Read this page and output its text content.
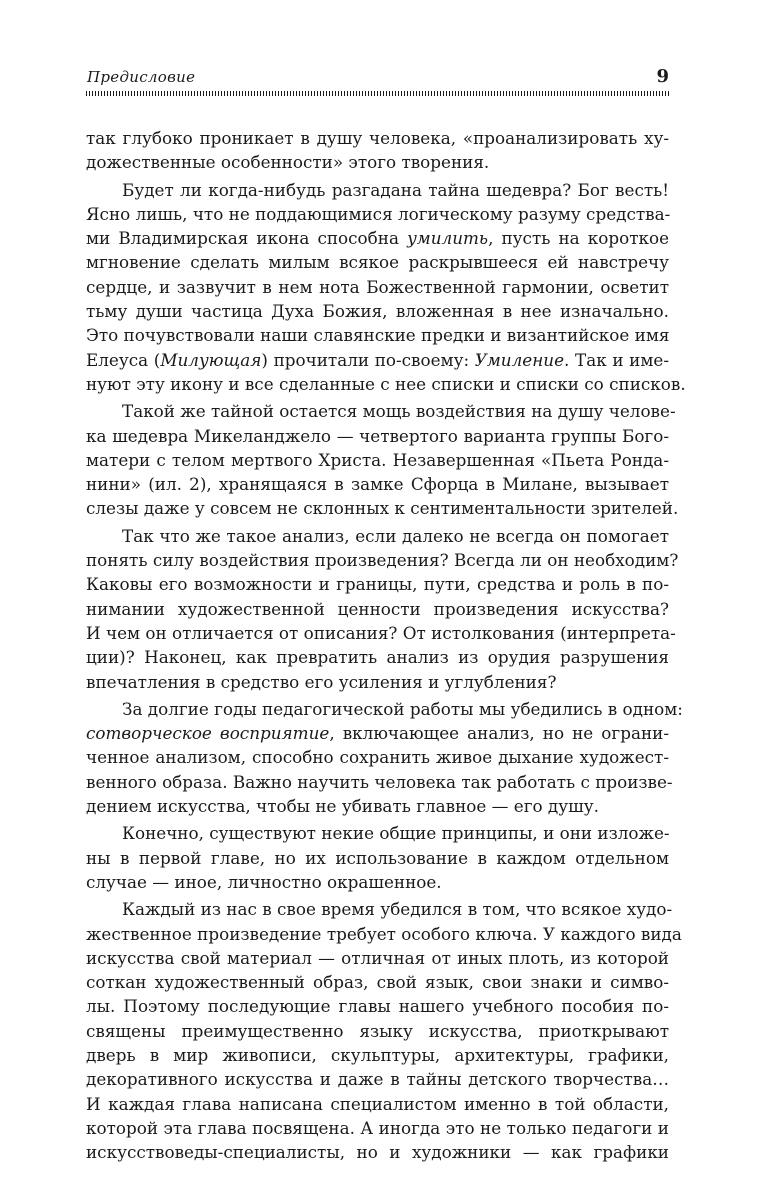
Предисловие	9
так глубоко проникает в душу человека, «проанализировать ху-
дожественные особенности» этого творения.
Будет ли когда-нибудь разгадана тайна шедевра? Бог весть!
Ясно лишь, что не поддающимися логическому разуму средства-
ми Владимирская икона способна умилить, пусть на короткое
мгновение сделать милым всякое раскрывшееся ей навстречу
сердце, и зазвучит в нем нота Божественной гармонии, осветит
тьму души частица Духа Божия, вложенная в нее изначально.
Это почувствовали наши славянские предки и византийское имя
Елеуса (Милующая) прочитали по-своему: Умиление. Так и име-
нуют эту икону и все сделанные с нее списки и списки со списков.
Такой же тайной остается мощь воздействия на душу челове-
ка шедевра Микеланджело — четвертого варианта группы Бого-
матери с телом мертвого Христа. Незавершенная «Пьета Ронда-
нини» (ил. 2), хранящаяся в замке Сфорца в Милане, вызывает
слезы даже у совсем не склонных к сентиментальности зрителей.
Так что же такое анализ, если далеко не всегда он помогает
понять силу воздействия произведения? Всегда ли он необходим?
Каковы его возможности и границы, пути, средства и роль в по-
нимании художественной ценности произведения искусства?
И чем он отличается от описания? От истолкования (интерпрета-
ции)? Наконец, как превратить анализ из орудия разрушения
впечатления в средство его усиления и углубления?
За долгие годы педагогической работы мы убедились в одном:
сотворческое восприятие, включающее анализ, но не ограни-
ченное анализом, способно сохранить живое дыхание художест-
венного образа. Важно научить человека так работать с произве-
дением искусства, чтобы не убивать главное — его душу.
Конечно, существуют некие общие принципы, и они изложе-
ны в первой главе, но их использование в каждом отдельном
случае — иное, личностно окрашенное.
Каждый из нас в свое время убедился в том, что всякое худо-
жественное произведение требует особого ключа. У каждого вида
искусства свой материал — отличная от иных плоть, из которой
соткан художественный образ, свой язык, свои знаки и симво-
лы. Поэтому последующие главы нашего учебного пособия по-
священы преимущественно языку искусства, приоткрывают
дверь в мир живописи, скульптуры, архитектуры, графики,
декоративного искусства и даже в тайны детского творчества…
И каждая глава написана специалистом именно в той области,
которой эта глава посвящена. А иногда это не только педагоги и
искусствоведы-специалисты, но и художники — как графики
